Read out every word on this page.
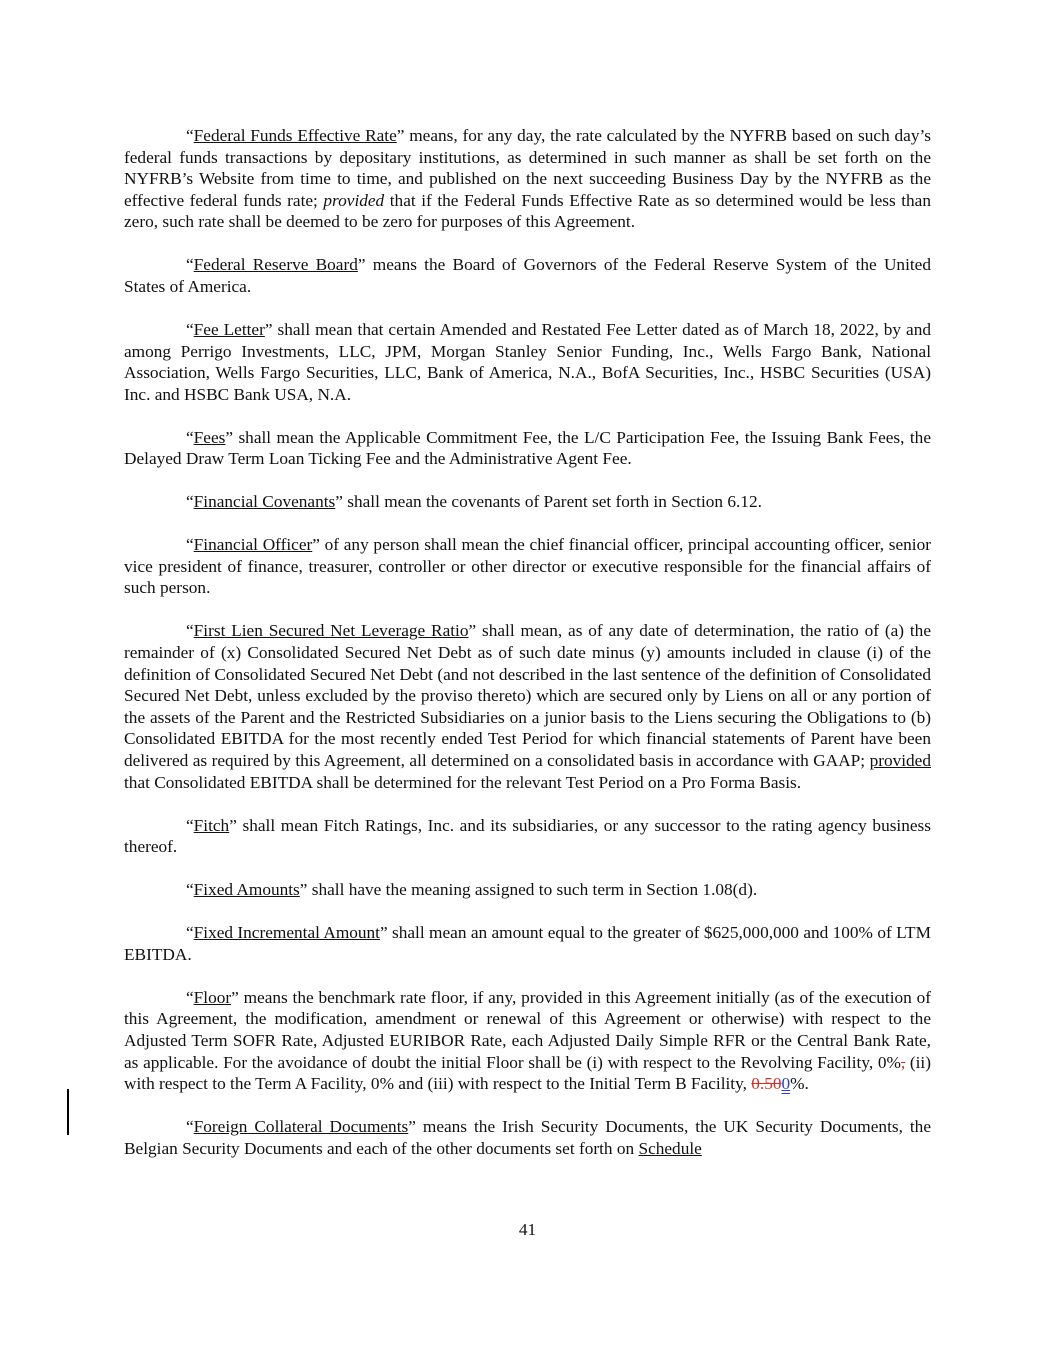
“Federal Funds Effective Rate” means, for any day, the rate calculated by the NYFRB based on such day’s federal funds transactions by depositary institutions, as determined in such manner as shall be set forth on the NYFRB’s Website from time to time, and published on the next succeeding Business Day by the NYFRB as the effective federal funds rate; provided that if the Federal Funds Effective Rate as so determined would be less than zero, such rate shall be deemed to be zero for purposes of this Agreement.

“Federal Reserve Board” means the Board of Governors of the Federal Reserve System of the United States of America.

“Fee Letter” shall mean that certain Amended and Restated Fee Letter dated as of March 18, 2022, by and among Perrigo Investments, LLC, JPM, Morgan Stanley Senior Funding, Inc., Wells Fargo Bank, National Association, Wells Fargo Securities, LLC, Bank of America, N.A., BofA Securities, Inc., HSBC Securities (USA) Inc. and HSBC Bank USA, N.A.

“Fees” shall mean the Applicable Commitment Fee, the L/C Participation Fee, the Issuing Bank Fees, the Delayed Draw Term Loan Ticking Fee and the Administrative Agent Fee.

“Financial Covenants” shall mean the covenants of Parent set forth in Section 6.12.

“Financial Officer” of any person shall mean the chief financial officer, principal accounting officer, senior vice president of finance, treasurer, controller or other director or executive responsible for the financial affairs of such person.

“First Lien Secured Net Leverage Ratio” shall mean, as of any date of determination, the ratio of (a) the remainder of (x) Consolidated Secured Net Debt as of such date minus (y) amounts included in clause (i) of the definition of Consolidated Secured Net Debt (and not described in the last sentence of the definition of Consolidated Secured Net Debt, unless excluded by the proviso thereto) which are secured only by Liens on all or any portion of the assets of the Parent and the Restricted Subsidiaries on a junior basis to the Liens securing the Obligations to (b) Consolidated EBITDA for the most recently ended Test Period for which financial statements of Parent have been delivered as required by this Agreement, all determined on a consolidated basis in accordance with GAAP; provided that Consolidated EBITDA shall be determined for the relevant Test Period on a Pro Forma Basis.

“Fitch” shall mean Fitch Ratings, Inc. and its subsidiaries, or any successor to the rating agency business thereof.

“Fixed Amounts” shall have the meaning assigned to such term in Section 1.08(d).

“Fixed Incremental Amount” shall mean an amount equal to the greater of $625,000,000 and 100% of LTM EBITDA.

“Floor” means the benchmark rate floor, if any, provided in this Agreement initially (as of the execution of this Agreement, the modification, amendment or renewal of this Agreement or otherwise) with respect to the Adjusted Term SOFR Rate, Adjusted EURIBOR Rate, each Adjusted Daily Simple RFR or the Central Bank Rate, as applicable. For the avoidance of doubt the initial Floor shall be (i) with respect to the Revolving Facility, 0%, (ii) with respect to the Term A Facility, 0% and (iii) with respect to the Initial Term B Facility, 0.500%.

“Foreign Collateral Documents” means the Irish Security Documents, the UK Security Documents, the Belgian Security Documents and each of the other documents set forth on Schedule

41
